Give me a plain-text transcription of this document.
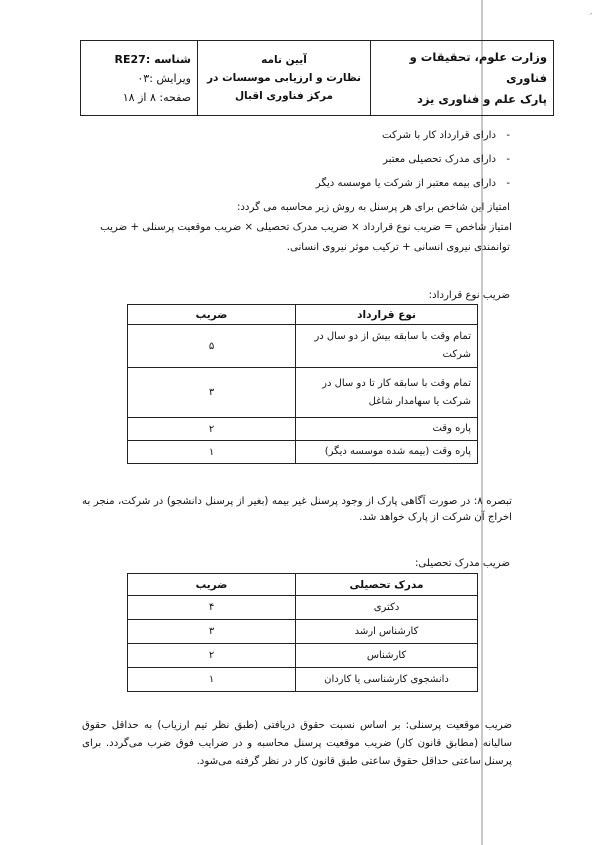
′
وزارت علوم، تحقیقات و فناوری
پارک علم و فناوری یزد

آیین نامه
نظارت و ارزیابی موسسات در
مرکز فناوری اقبال

شناسه :RE27
ویرایش :۰۳
صفحه: ۸ از ۱۸
-دارای قرارداد کار با شرکت
-دارای مدرک تحصیلی معتبر
-دارای بیمه معتبر از شرکت یا موسسه دیگر
امتیاز این شاخص برای هر پرسنل به روش زیر محاسبه می گردد:
امتیاز شاخص = ضریب نوع قرارداد × ضریب مدرک تحصیلی × ضریب موقعیت پرسنلی + ضریب
توانمندی نیروی انسانی + ترکیب موثر نیروی انسانی.
ضریب نوع قرارداد:
نوع قرارداد	ضریب
تمام وقت با سابقه بیش از دو سال در شرکت	۵
تمام وقت با سابقه کار تا دو سال در شرکت یا سهامدار شاغل	۳
پاره وقت	۲
پاره وقت (بیمه شده موسسه دیگر)	۱
تبصره ۸: در صورت آگاهی پارک از وجود پرسنل غیر بیمه (بغیر از پرسنل دانشجو) در شرکت، منجر به اخراج آن شرکت از پارک خواهد شد.
ضریب مدرک تحصیلی:
مدرک تحصیلی	ضریب
دکتری	۴
کارشناس ارشد	۳
کارشناس	۲
دانشجوی کارشناسی یا کاردان	۱
ضریب موقعیت پرسنلی: بر اساس نسبت حقوق دریافتی (طبق نظر تیم ارزیاب) به حداقل حقوق سالیانه (مطابق قانون کار) ضریب موقعیت پرسنل محاسبه و در ضرایب فوق ضرب می‌گردد. برای پرسنل ساعتی حداقل حقوق ساعتی طبق قانون کار در نظر گرفته می‌شود.
